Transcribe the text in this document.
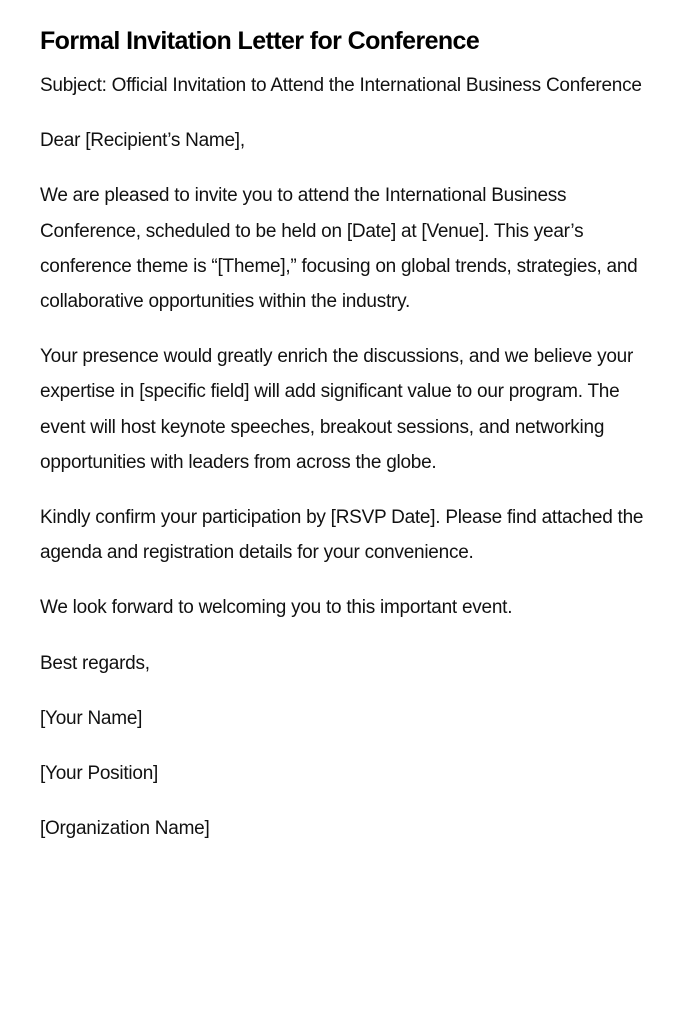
Formal Invitation Letter for Conference

Subject: Official Invitation to Attend the International Business Conference

Dear [Recipient’s Name],

We are pleased to invite you to attend the International Business Conference, scheduled to be held on [Date] at [Venue]. This year’s conference theme is “[Theme],” focusing on global trends, strategies, and collaborative opportunities within the industry.

Your presence would greatly enrich the discussions, and we believe your expertise in [specific field] will add significant value to our program. The event will host keynote speeches, breakout sessions, and networking opportunities with leaders from across the globe.

Kindly confirm your participation by [RSVP Date]. Please find attached the agenda and registration details for your convenience.

We look forward to welcoming you to this important event.

Best regards,

[Your Name]

[Your Position]

[Organization Name]
